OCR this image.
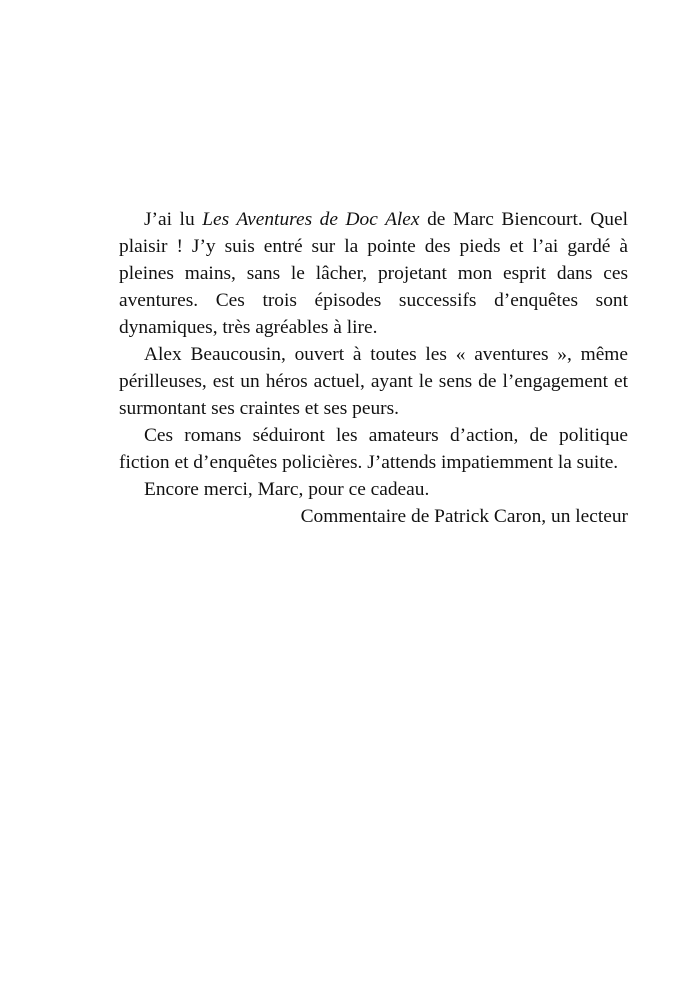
J’ai lu Les Aventures de Doc Alex de Marc Biencourt. Quel plaisir ! J’y suis entré sur la pointe des pieds et l’ai gardé à pleines mains, sans le lâcher, projetant mon esprit dans ces aventures. Ces trois épisodes successifs d’enquêtes sont dynamiques, très agréables à lire.

Alex Beaucousin, ouvert à toutes les « aventures », même périlleuses, est un héros actuel, ayant le sens de l’engagement et surmontant ses craintes et ses peurs.

Ces romans séduiront les amateurs d’action, de politique fiction et d’enquêtes policières. J’attends impatiemment la suite.

Encore merci, Marc, pour ce cadeau.

Commentaire de Patrick Caron, un lecteur
